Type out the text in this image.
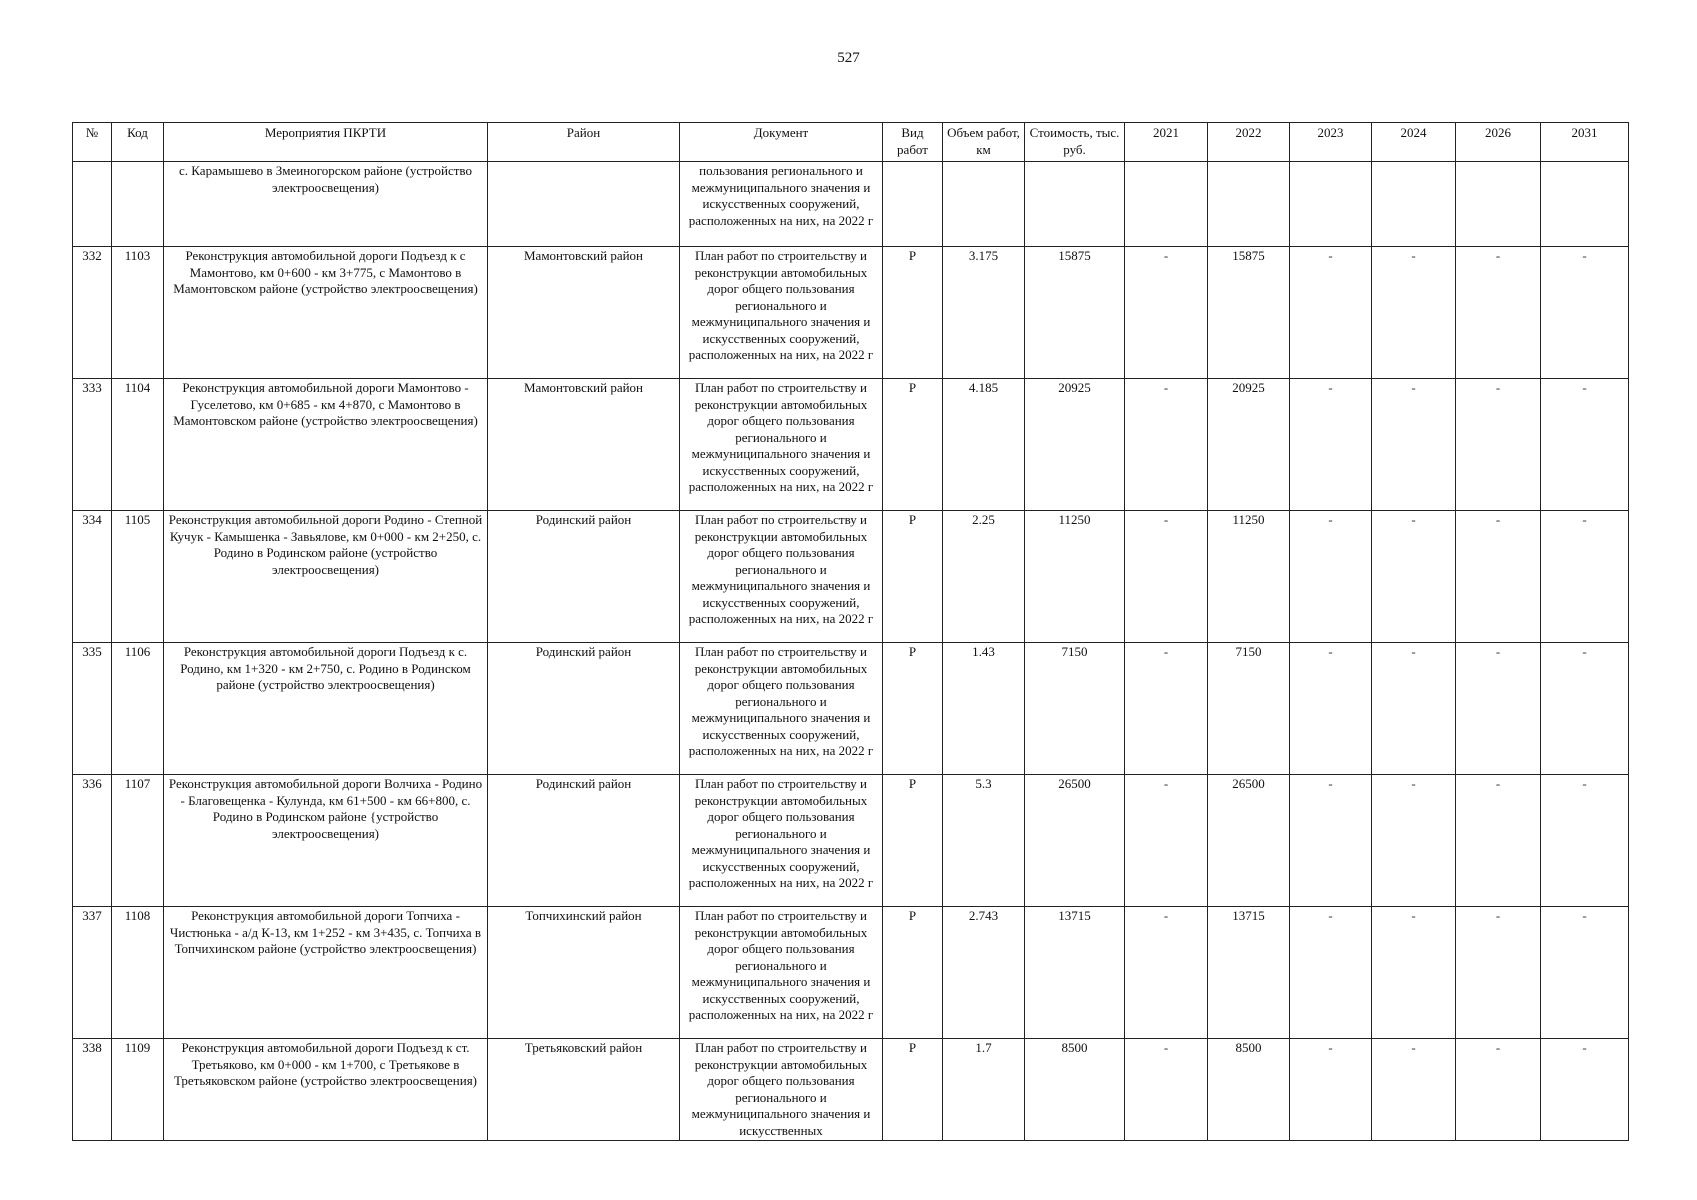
527
№	Код	Мероприятия ПКРТИ	Район	Документ	Вид работ	Объем работ, км	Стоимость, тыс. руб.	2021	2022	2023	2024	2026	2031
		с. Карамышево в Змеиногорском районе (устройство электроосвещения)		пользования регионального и межмуниципального значения и искусственных сооружений, расположенных на них, на 2022 г									
332	1103	Реконструкция автомобильной дороги Подъезд к с Мамонтово, км 0+600 - км 3+775, с Мамонтово в Мамонтовском районе (устройство электроосвещения)	Мамонтовский район	План работ по строительству и реконструкции автомобильных дорог общего пользования регионального и межмуниципального значения и искусственных сооружений, расположенных на них, на 2022 г	Р	3.175	15875	-	15875	-	-	-	-
333	1104	Реконструкция автомобильной дороги Мамонтово - Гуселетово, км 0+685 - км 4+870, с Мамонтово в Мамонтовском районе (устройство электроосвещения)	Мамонтовский район	План работ по строительству и реконструкции автомобильных дорог общего пользования регионального и межмуниципального значения и искусственных сооружений, расположенных на них, на 2022 г	Р	4.185	20925	-	20925	-	-	-	-
334	1105	Реконструкция автомобильной дороги Родино - Степной Кучук - Камышенка - Завьялове, км 0+000 - км 2+250, с. Родино в Родинском районе (устройство электроосвещения)	Родинский район	План работ по строительству и реконструкции автомобильных дорог общего пользования регионального и межмуниципального значения и искусственных сооружений, расположенных на них, на 2022 г	Р	2.25	11250	-	11250	-	-	-	-
335	1106	Реконструкция автомобильной дороги Подъезд к с. Родино, км 1+320 - км 2+750, с. Родино в Родинском районе (устройство электроосвещения)	Родинский район	План работ по строительству и реконструкции автомобильных дорог общего пользования регионального и межмуниципального значения и искусственных сооружений, расположенных на них, на 2022 г	Р	1.43	7150	-	7150	-	-	-	-
336	1107	Реконструкция автомобильной дороги Волчиха - Родино - Благовещенка - Кулунда, км 61+500 - км 66+800, с. Родино в Родинском районе {устройство электроосвещения)	Родинский район	План работ по строительству и реконструкции автомобильных дорог общего пользования регионального и межмуниципального значения и искусственных сооружений, расположенных на них, на 2022 г	Р	5.3	26500	-	26500	-	-	-	-
337	1108	Реконструкция автомобильной дороги Топчиха - Чистюнька - а/д К-13, км 1+252 - км 3+435, с. Топчиха в Топчихинском районе (устройство электроосвещения)	Топчихинский район	План работ по строительству и реконструкции автомобильных дорог общего пользования регионального и межмуниципального значения и искусственных сооружений, расположенных на них, на 2022 г	Р	2.743	13715	-	13715	-	-	-	-
338	1109	Реконструкция автомобильной дороги Подъезд к ст. Третьяково, км 0+000 - км 1+700, с Третьякове в Третьяковском районе (устройство электроосвещения)	Третьяковский район	План работ по строительству и реконструкции автомобильных дорог общего пользования регионального и межмуниципального значения и искусственных	Р	1.7	8500	-	8500	-	-	-	-
